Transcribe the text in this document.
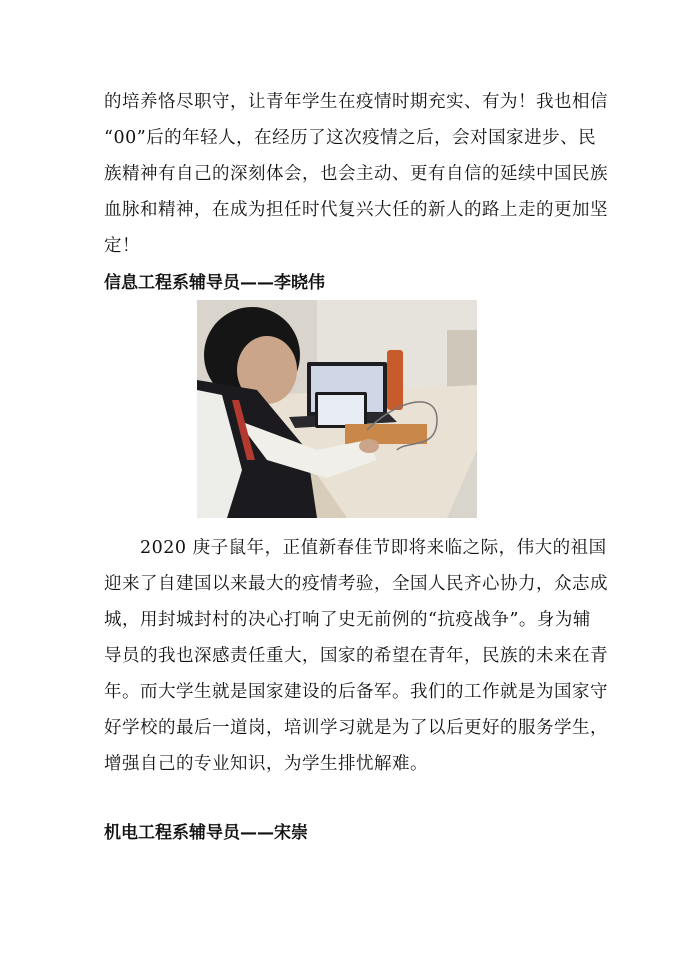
的培养恪尽职守，让青年学生在疫情时期充实、有为！我也相信
“00”后的年轻人，在经历了这次疫情之后，会对国家进步、民
族精神有自己的深刻体会，也会主动、更有自信的延续中国民族
血脉和精神，在成为担任时代复兴大任的新人的路上走的更加坚
定！
信息工程系辅导员——李晓伟
2020 庚子鼠年，正值新春佳节即将来临之际，伟大的祖国
迎来了自建国以来最大的疫情考验，全国人民齐心协力，众志成
城，用封城封村的决心打响了史无前例的“抗疫战争”。身为辅
导员的我也深感责任重大，国家的希望在青年，民族的未来在青
年。而大学生就是国家建设的后备军。我们的工作就是为国家守
好学校的最后一道岗，培训学习就是为了以后更好的服务学生，
增强自己的专业知识，为学生排忧解难。
机电工程系辅导员——宋崇
